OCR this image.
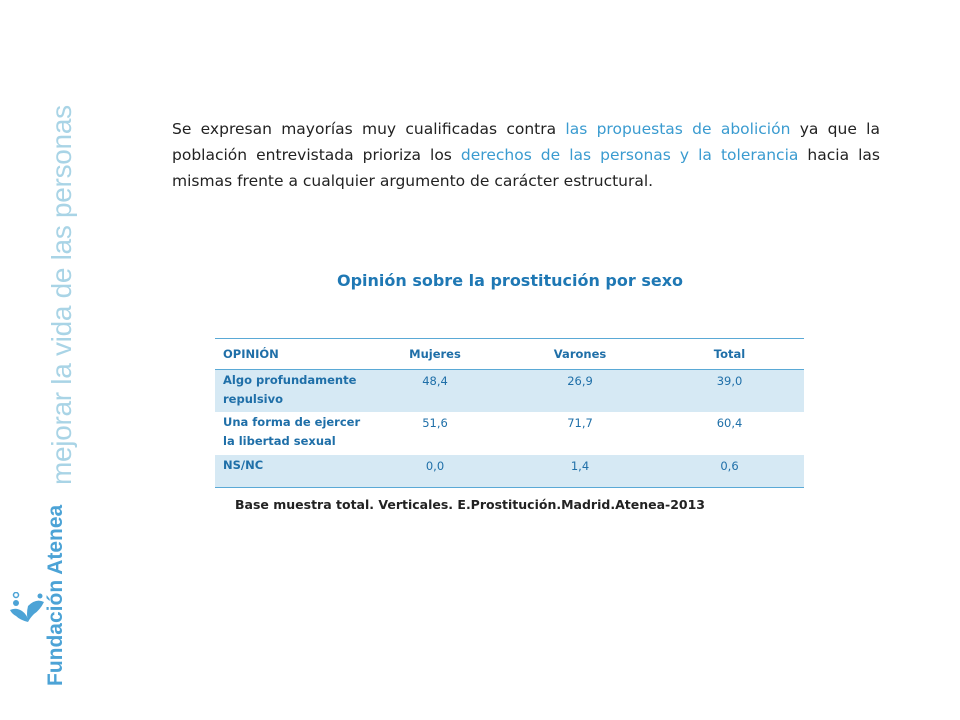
mejorar la vida de las personas
Fundación Atenea
Se expresan mayorías muy cualificadas contra las propuestas de abolición ya que la población entrevistada prioriza los derechos de las personas y la tolerancia hacia las mismas frente a cualquier argumento de carácter estructural.
Opinión sobre la prostitución por sexo
OPINIÓN	Mujeres	Varones	Total
Algo profundamente repulsivo	48,4	26,9	39,0
Una forma de ejercer la libertad sexual	51,6	71,7	60,4
NS/NC	0,0	1,4	0,6
Base muestra total. Verticales. E.Prostitución.Madrid.Atenea-2013
